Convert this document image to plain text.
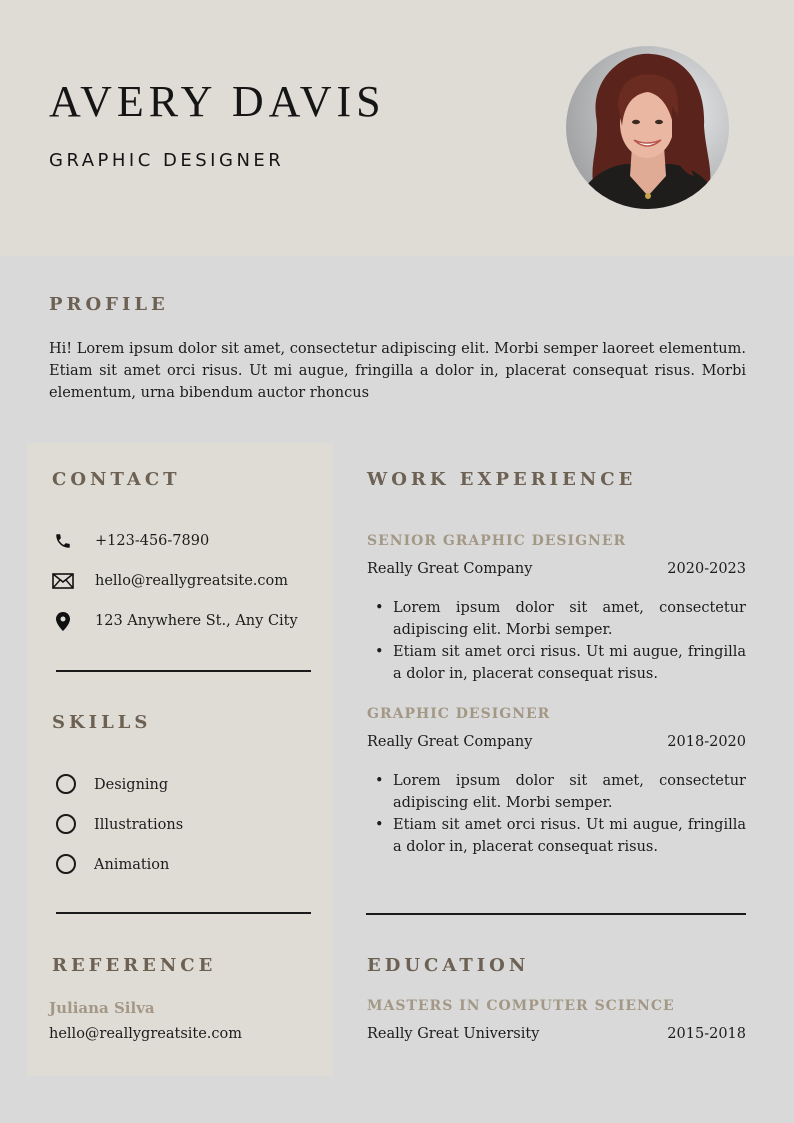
AVERY DAVIS
GRAPHIC DESIGNER
PROFILE
Hi! Lorem ipsum dolor sit amet, consectetur adipiscing elit. Morbi semper laoreet elementum. Etiam sit amet orci risus. Ut mi augue, fringilla a dolor in, placerat consequat risus. Morbi elementum, urna bibendum auctor rhoncus
CONTACT
+123-456-7890
hello@reallygreatsite.com
123 Anywhere St., Any City
SKILLS
Designing
Illustrations
Animation
REFERENCE
Juliana Silva
hello@reallygreatsite.com
WORK EXPERIENCE
SENIOR GRAPHIC DESIGNER
Really Great Company	2020-2023
• Lorem ipsum dolor sit amet, consectetur adipiscing elit. Morbi semper.
• Etiam sit amet orci risus. Ut mi augue, fringilla a dolor in, placerat consequat risus.
GRAPHIC DESIGNER
Really Great Company	2018-2020
• Lorem ipsum dolor sit amet, consectetur adipiscing elit. Morbi semper.
• Etiam sit amet orci risus. Ut mi augue, fringilla a dolor in, placerat consequat risus.
EDUCATION
MASTERS IN COMPUTER SCIENCE
Really Great University	2015-2018
